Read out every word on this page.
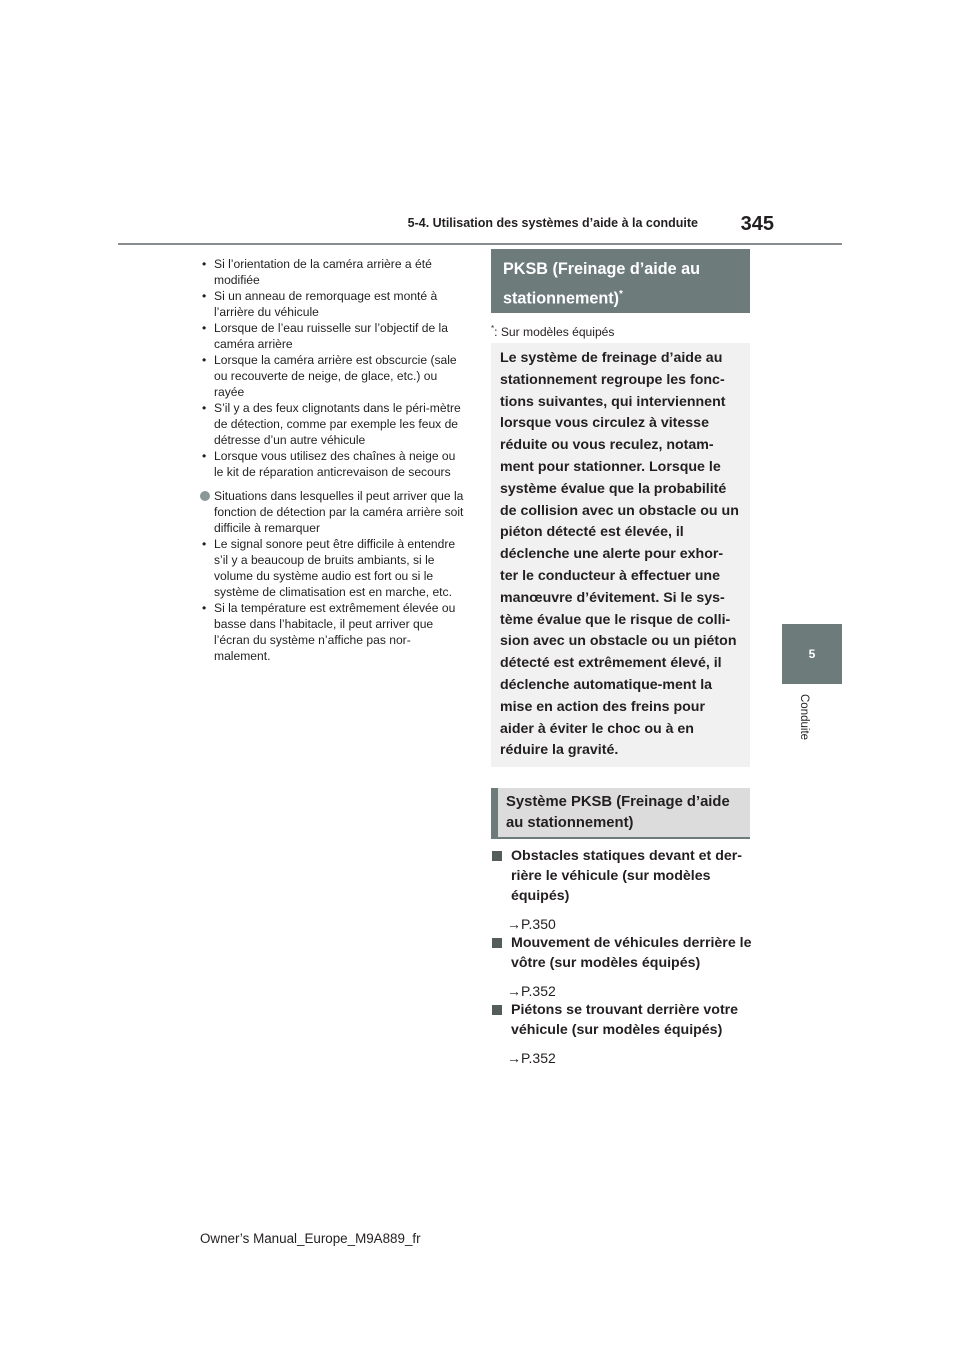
5-4. Utilisation des systèmes d’aide à la conduite 345
5
Conduite
• Si l’orientation de la caméra arrière a été modifiée
• Si un anneau de remorquage est monté à l’arrière du véhicule
• Lorsque de l’eau ruisselle sur l’objectif de la caméra arrière
• Lorsque la caméra arrière est obscurcie (sale ou recouverte de neige, de glace, etc.) ou rayée
• S’il y a des feux clignotants dans le péri-mètre de détection, comme par exemple les feux de détresse d’un autre véhicule
• Lorsque vous utilisez des chaînes à neige ou le kit de réparation anticrevaison de secours
Situations dans lesquelles il peut arriver que la fonction de détection par la caméra arrière soit difficile à remarquer
• Le signal sonore peut être difficile à entendre s’il y a beaucoup de bruits ambiants, si le volume du système audio est fort ou si le système de climatisation est en marche, etc.
• Si la température est extrêmement élevée ou basse dans l’habitacle, il peut arriver que l’écran du système n’affiche pas nor-malement.
PKSB (Freinage d’aide au
stationnement)*
*: Sur modèles équipés
Le système de freinage d’aide au stationnement regroupe les fonc-tions suivantes, qui interviennent lorsque vous circulez à vitesse réduite ou vous reculez, notam-ment pour stationner. Lorsque le système évalue que la probabilité de collision avec un obstacle ou un piéton détecté est élevée, il déclenche une alerte pour exhor-ter le conducteur à effectuer une manœuvre d’évitement. Si le sys-tème évalue que le risque de colli-sion avec un obstacle ou un piéton détecté est extrêmement élevé, il déclenche automatique-ment la mise en action des freins pour aider à éviter le choc ou à en réduire la gravité.
Système PKSB (Freinage d’aide au stationnement)
Obstacles statiques devant et der-rière le véhicule (sur modèles équipés)
→P.350
Mouvement de véhicules derrière le vôtre (sur modèles équipés)
→P.352
Piétons se trouvant derrière votre véhicule (sur modèles équipés)
→P.352
Owner’s Manual_Europe_M9A889_fr
